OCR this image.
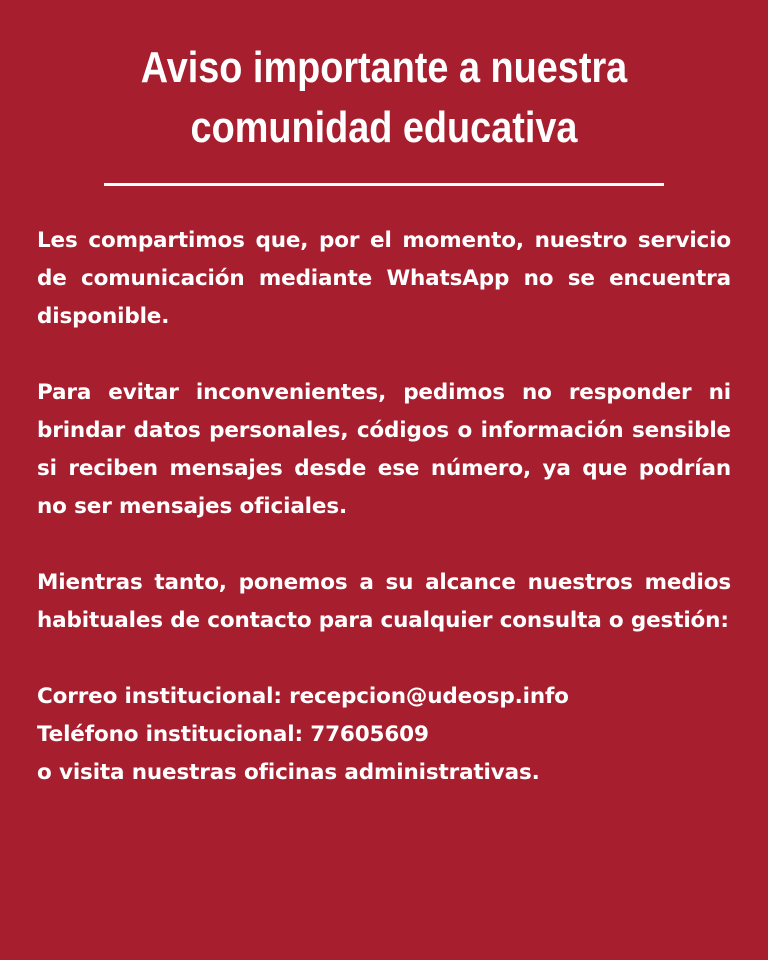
Aviso importante a nuestra
comunidad educativa

Les compartimos que, por el momento, nuestro servicio de comunicación mediante WhatsApp no se encuentra disponible.

Para evitar inconvenientes, pedimos no responder ni brindar datos personales, códigos o información sensible si reciben mensajes desde ese número, ya que podrían no ser mensajes oficiales.

Mientras tanto, ponemos a su alcance nuestros medios habituales de contacto para cualquier consulta o gestión:

Correo institucional: recepcion@udeosp.info
Teléfono institucional: 77605609
o visita nuestras oficinas administrativas.
